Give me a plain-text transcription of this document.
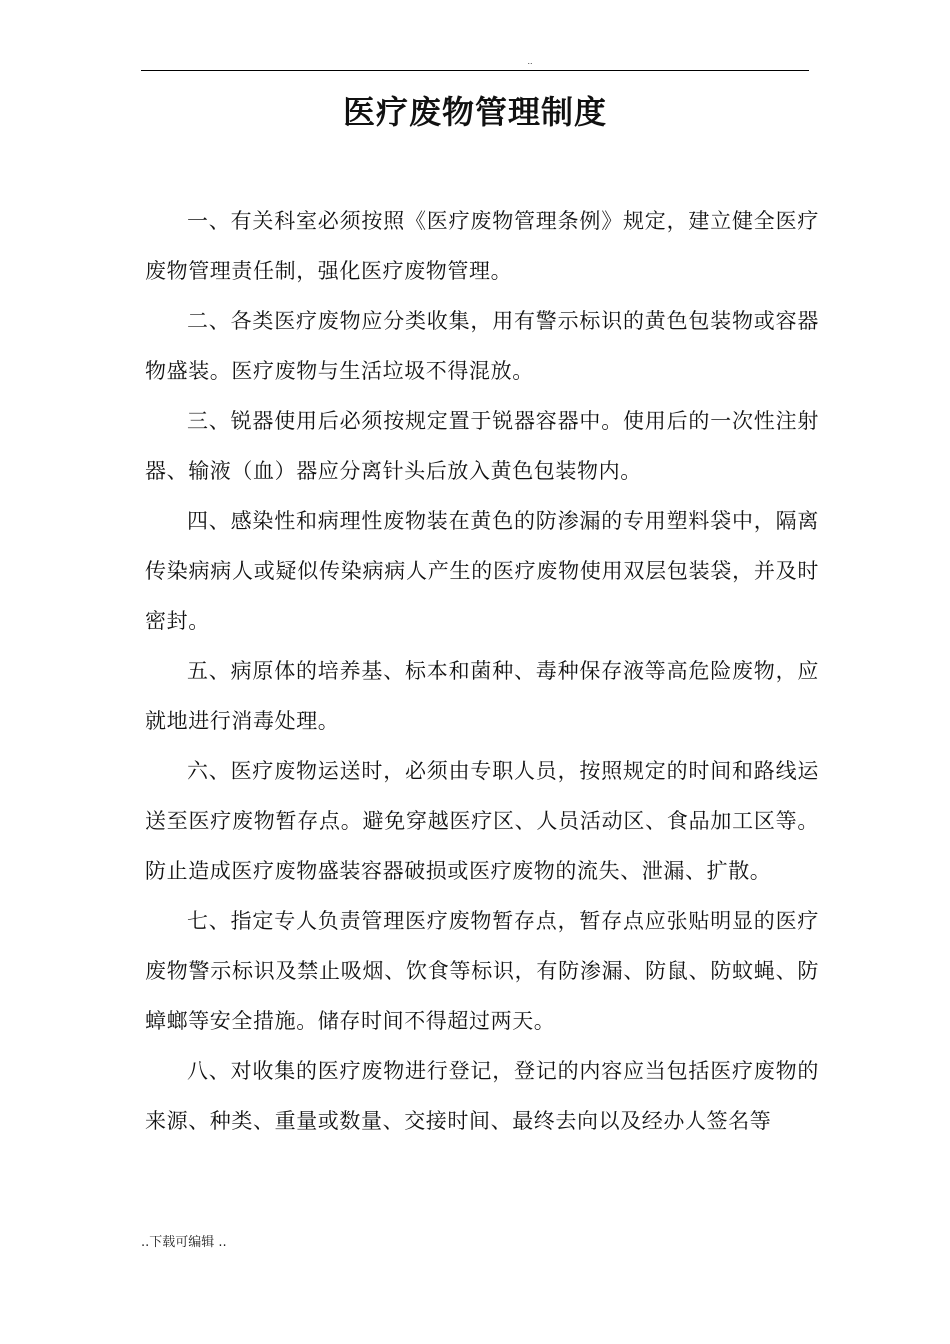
..
医疗废物管理制度

一、有关科室必须按照《医疗废物管理条例》规定，建立健全医疗废物管理责任制，强化医疗废物管理。

二、各类医疗废物应分类收集，用有警示标识的黄色包装物或容器物盛装。医疗废物与生活垃圾不得混放。

三、锐器使用后必须按规定置于锐器容器中。使用后的一次性注射器、输液（血）器应分离针头后放入黄色包装物内。

四、感染性和病理性废物装在黄色的防渗漏的专用塑料袋中，隔离传染病病人或疑似传染病病人产生的医疗废物使用双层包装袋，并及时密封。

五、病原体的培养基、标本和菌种、毒种保存液等高危险废物，应就地进行消毒处理。

六、医疗废物运送时，必须由专职人员，按照规定的时间和路线运送至医疗废物暂存点。避免穿越医疗区、人员活动区、食品加工区等。防止造成医疗废物盛装容器破损或医疗废物的流失、泄漏、扩散。

七、指定专人负责管理医疗废物暂存点，暂存点应张贴明显的医疗废物警示标识及禁止吸烟、饮食等标识，有防渗漏、防鼠、防蚊蝇、防蟑螂等安全措施。储存时间不得超过两天。

八、对收集的医疗废物进行登记，登记的内容应当包括医疗废物的来源、种类、重量或数量、交接时间、最终去向以及经办人签名等

..下载可编辑 ..
